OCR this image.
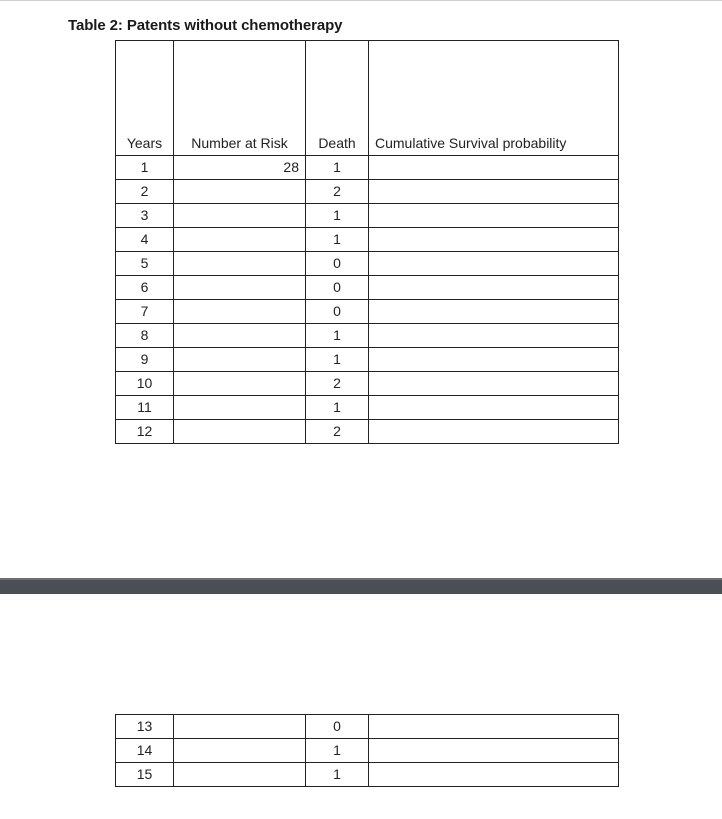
Table 2: Patents without chemotherapy

Years	Number at Risk	Death	Cumulative Survival probability
1	28	1	
2		2	
3		1	
4		1	
5		0	
6		0	
7		0	
8		1	
9		1	
10		2	
11		1	
12		2	
13		0	
14		1	
15		1	
